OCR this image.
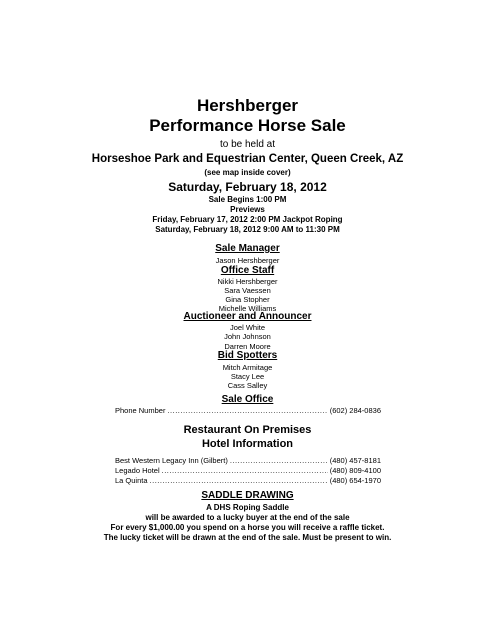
Hershberger
Performance Horse Sale
to be held at
Horseshoe Park and Equestrian Center, Queen Creek, AZ
(see map inside cover)
Saturday, February 18, 2012
Sale Begins 1:00 PM
Previews
Friday, February 17, 2012 2:00 PM Jackpot Roping
Saturday, February 18, 2012 9:00 AM to 11:30 PM
Sale Manager
Jason Hershberger
Office Staff
Nikki Hershberger
Sara Vaessen
Gina Stopher
Michelle Williams
Auctioneer and Announcer
Joel White
John Johnson
Darren Moore
Bid Spotters
Mitch Armitage
Stacy Lee
Cass Salley
Sale Office
Phone Number .....	(602) 284-0836
Restaurant On Premises
Hotel Information
Best Western Legacy Inn (Gilbert) .....	(480) 457-8181
Legado Hotel .....	(480) 809-4100
La Quinta .....	(480) 654-1970
SADDLE DRAWING
A DHS Roping Saddle
will be awarded to a lucky buyer at the end of the sale
For every $1,000.00 you spend on a horse you will receive a raffle ticket.
The lucky ticket will be drawn at the end of the sale. Must be present to win.
